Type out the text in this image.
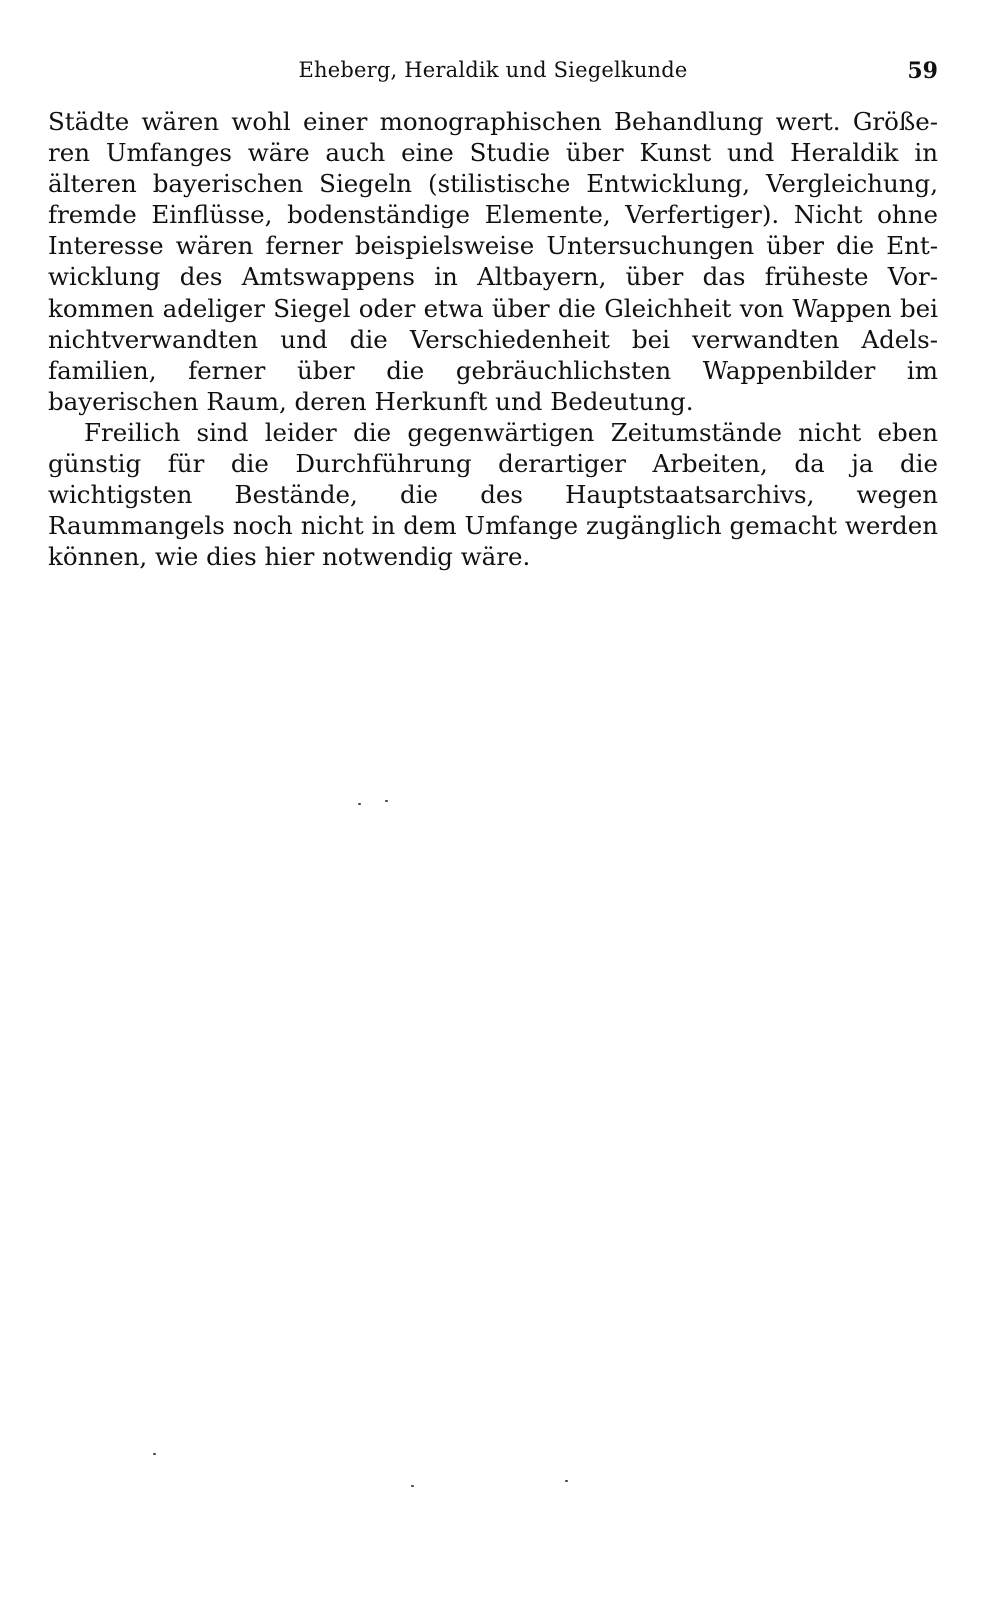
Eheberg, Heraldik und Siegelkunde	59

Städte wären wohl einer monographischen Behandlung wert. Größeren Umfanges wäre auch eine Studie über Kunst und Heraldik in älteren bayerischen Siegeln (stilistische Entwicklung, Vergleichung, fremde Einflüsse, bodenständige Elemente, Verfertiger). Nicht ohne Interesse wären ferner beispielsweise Untersuchungen über die Entwicklung des Amtswappens in Altbayern, über das früheste Vorkommen adeliger Siegel oder etwa über die Gleichheit von Wappen bei nichtverwandten und die Verschiedenheit bei verwandten Adelsfamilien, ferner über die gebräuchlichsten Wappenbilder im bayerischen Raum, deren Herkunft und Bedeutung.

Freilich sind leider die gegenwärtigen Zeitumstände nicht eben günstig für die Durchführung derartiger Arbeiten, da ja die wichtigsten Bestände, die des Hauptstaatsarchivs, wegen Raummangels noch nicht in dem Umfange zugänglich gemacht werden können, wie dies hier notwendig wäre.
